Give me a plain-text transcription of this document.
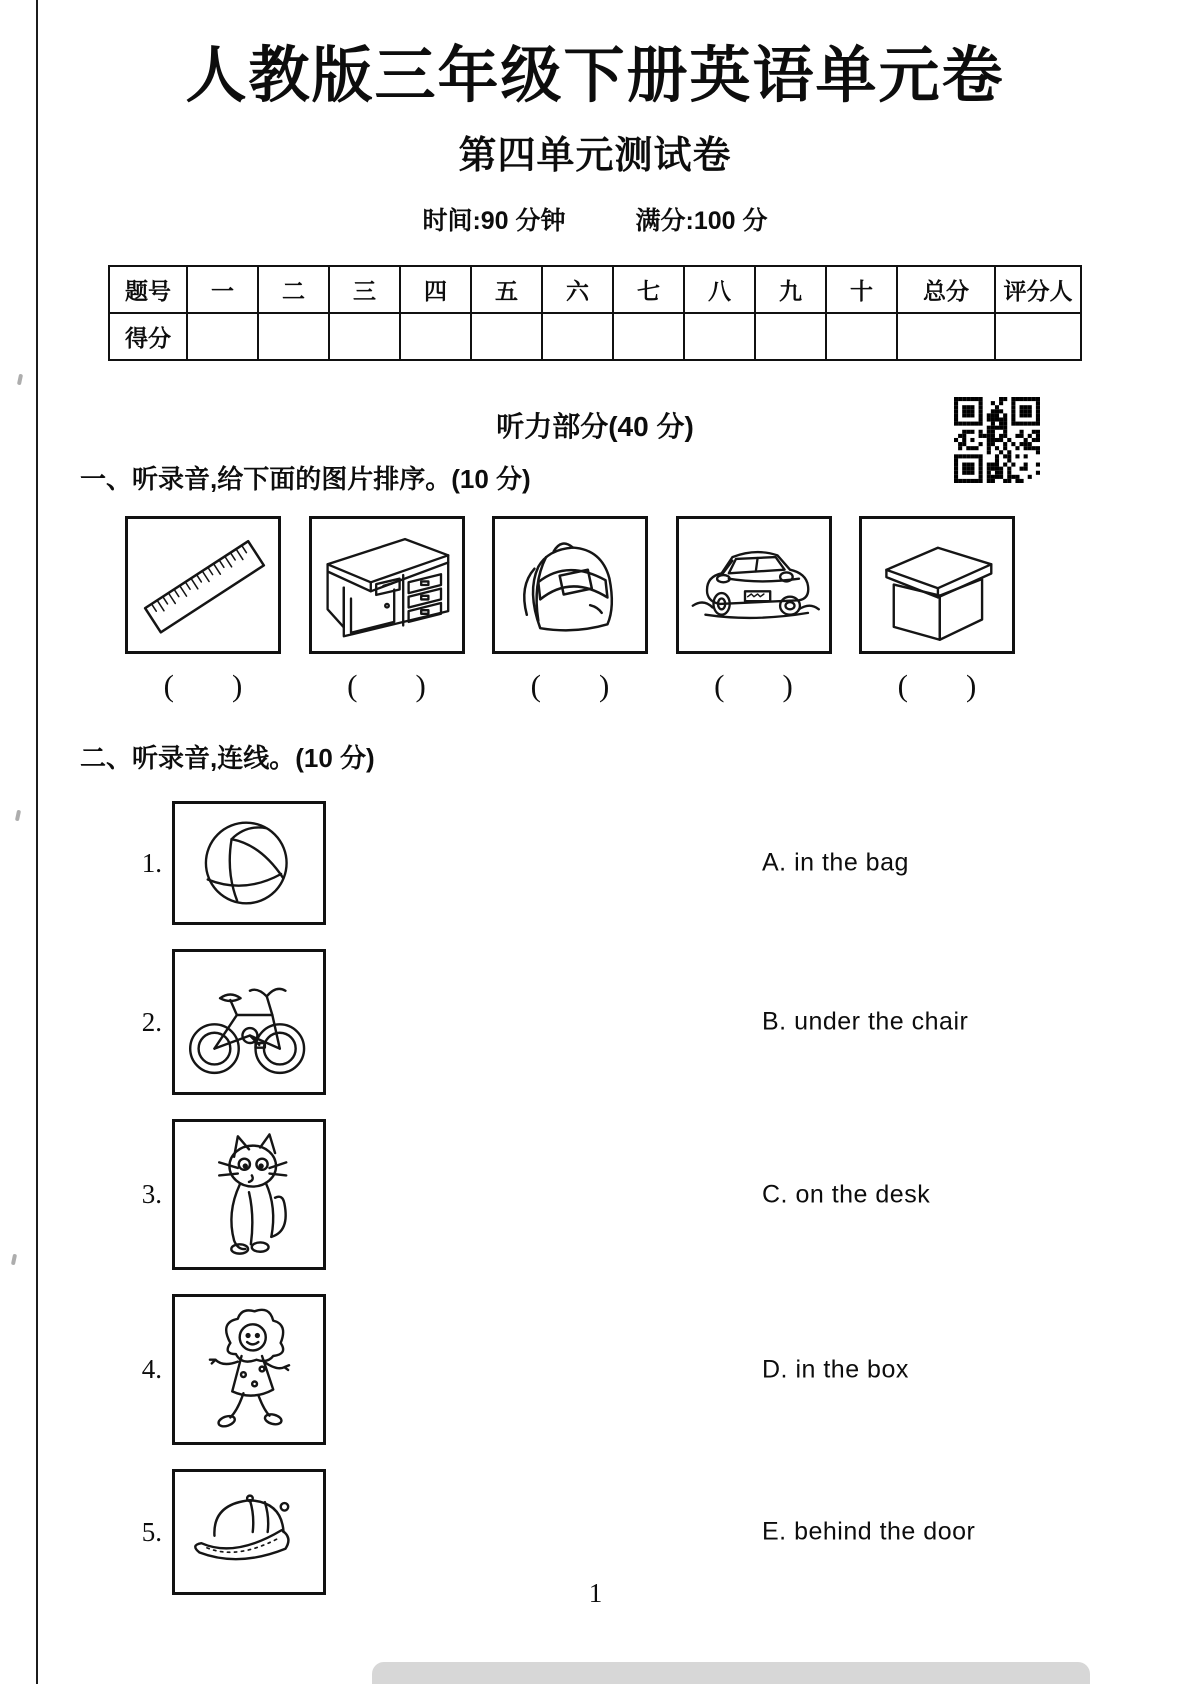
人教版三年级下册英语单元卷
第四单元测试卷
时间:90 分钟	满分:100 分
题号	一	二	三	四	五	六	七	八	九	十	总分	评分人
得分												
听力部分(40 分)
一、听录音,给下面的图片排序。(10 分)
( )	( )	( )	( )	( )
二、听录音,连线。(10 分)
1.	A. in the bag
2.	B. under the chair
3.	C. on the desk
4.	D. in the box
5.	E. behind the door
1
